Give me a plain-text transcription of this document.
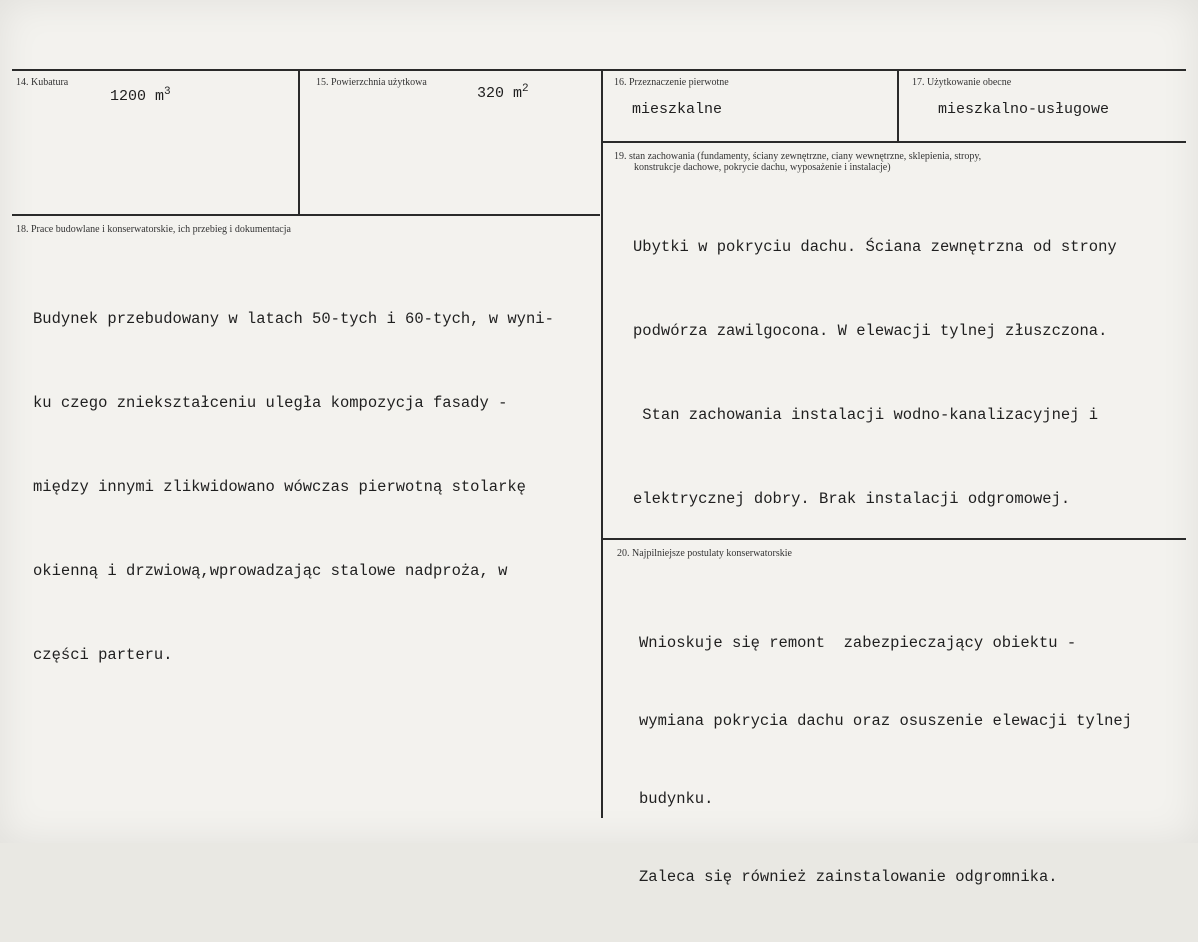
14. Kubatura
1200 $m^3$
15. Powierzchnia użytkowa
320 $m^2$
16. Przeznaczenie pierwotne
mieszkalne
17. Użytkowanie obecne
mieszkalno-usługowe
18. Prace budowlane i konserwatorskie, ich przebieg i dokumentacja

Budynek przebudowany w latach 50-tych i 60-tych, w wyni-

ku czego zniekształceniu uległa kompozycja fasady -

między innymi zlikwidowano wówczas pierwotną stolarkę

okienną i drzwiową,wprowadzając stalowe nadproża, w

części parteru.

19. stan zachowania (fundamenty, ściany zewnętrzne, ciany wewnętrzne, sklepienia, stropy,
konstrukcje dachowe, pokrycie dachu, wyposażenie i instalacje)

Ubytki w pokryciu dachu. Ściana zewnętrzna od strony

podwórza zawilgocona. W elewacji tylnej złuszczona.

Stan zachowania instalacji wodno-kanalizacyjnej i

elektrycznej dobry. Brak instalacji odgromowej.

20. Najpilniejsze postulaty konserwatorskie

Wnioskuje się remont  zabezpieczający obiektu -

wymiana pokrycia dachu oraz osuszenie elewacji tylnej

budynku.

Zaleca się również zainstalowanie odgromnika.
